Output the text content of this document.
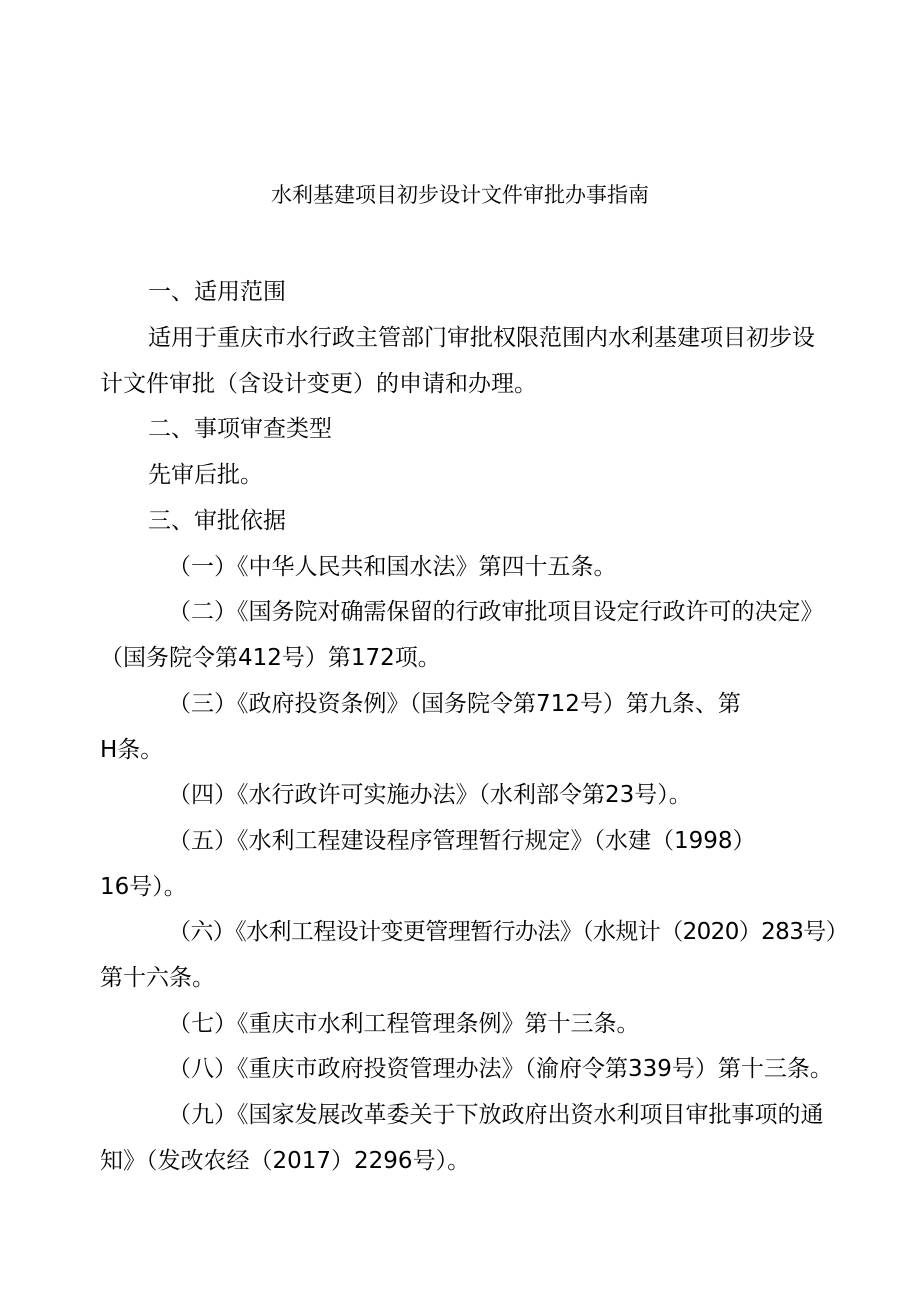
水利基建项目初步设计文件审批办事指南
一、适用范围
适用于重庆市水行政主管部门审批权限范围内水利基建项目初步设
计文件审批（含设计变更）的申请和办理。
二、事项审查类型
先审后批。
三、审批依据
（一）《中华人民共和国水法》第四十五条。
（二）《国务院对确需保留的行政审批项目设定行政许可的决定》
（国务院令第412号）第172项。
（三）《政府投资条例》（国务院令第712号）第九条、第
H条。
（四）《水行政许可实施办法》（水利部令第23号）。
（五）《水利工程建设程序管理暂行规定》（水建（1998）
16号）。
（六）《水利工程设计变更管理暂行办法》（水规计（2020）283号）
第十六条。
（七）《重庆市水利工程管理条例》第十三条。
（八）《重庆市政府投资管理办法》（渝府令第339号）第十三条。
（九）《国家发展改革委关于下放政府出资水利项目审批事项的通
知》（发改农经（2017）2296号）。
